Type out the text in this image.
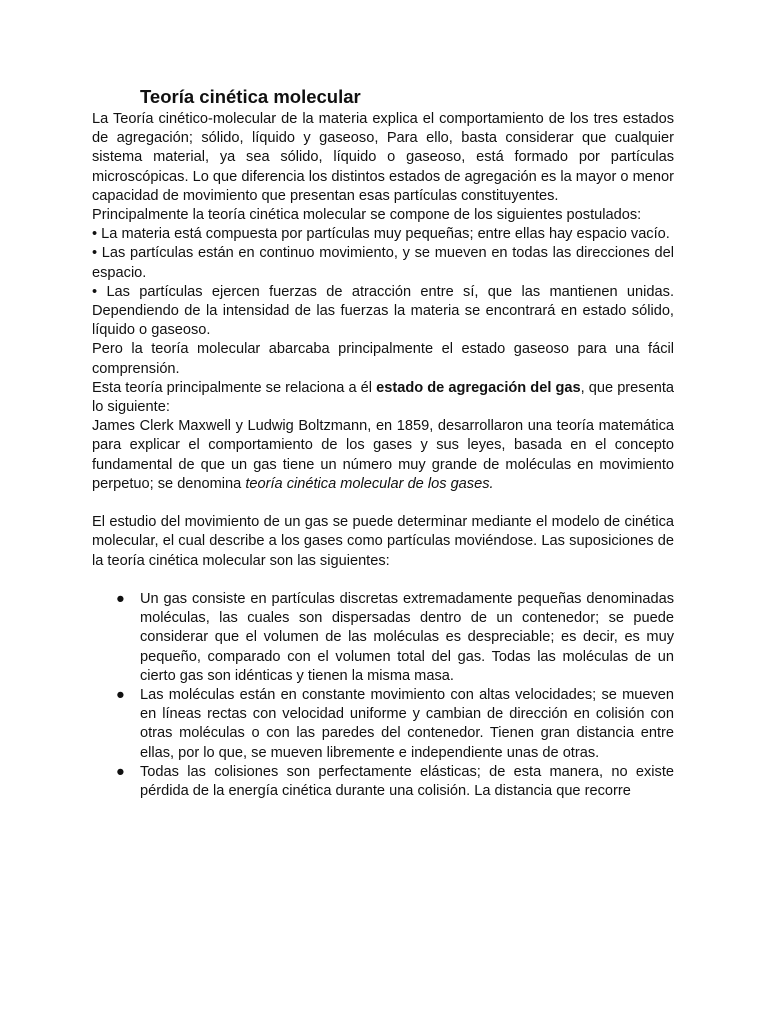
Teoría cinética molecular

La Teoría cinético-molecular de la materia explica el comportamiento de los tres estados de agregación; sólido, líquido y gaseoso, Para ello, basta considerar que cualquier sistema material, ya sea sólido, líquido o gaseoso, está formado por partículas microscópicas. Lo que diferencia los distintos estados de agregación es la mayor o menor capacidad de movimiento que presentan esas partículas constituyentes.

Principalmente la teoría cinética molecular se compone de los siguientes postulados:

• La materia está compuesta por partículas muy pequeñas; entre ellas hay espacio vacío.

• Las partículas están en continuo movimiento, y se mueven en todas las direcciones del espacio.

• Las partículas ejercen fuerzas de atracción entre sí, que las mantienen unidas. Dependiendo de la intensidad de las fuerzas la materia se encontrará en estado sólido, líquido o gaseoso.

Pero la teoría molecular abarcaba principalmente el estado gaseoso para una fácil comprensión.

Esta teoría principalmente se relaciona a él estado de agregación del gas, que presenta lo siguiente:

James Clerk Maxwell y Ludwig Boltzmann, en 1859, desarrollaron una teoría matemática para explicar el comportamiento de los gases y sus leyes, basada en el concepto fundamental de que un gas tiene un número muy grande de moléculas en movimiento perpetuo; se denomina teoría cinética molecular de los gases.

El estudio del movimiento de un gas se puede determinar mediante el modelo de cinética molecular, el cual describe a los gases como partículas moviéndose. Las suposiciones de la teoría cinética molecular son las siguientes:

● Un gas consiste en partículas discretas extremadamente pequeñas denominadas moléculas, las cuales son dispersadas dentro de un contenedor; se puede considerar que el volumen de las moléculas es despreciable; es decir, es muy pequeño, comparado con el volumen total del gas. Todas las moléculas de un cierto gas son idénticas y tienen la misma masa.
● Las moléculas están en constante movimiento con altas velocidades; se mueven en líneas rectas con velocidad uniforme y cambian de dirección en colisión con otras moléculas o con las paredes del contenedor. Tienen gran distancia entre ellas, por lo que, se mueven libremente e independiente unas de otras.
● Todas las colisiones son perfectamente elásticas; de esta manera, no existe pérdida de la energía cinética durante una colisión. La distancia que recorre
